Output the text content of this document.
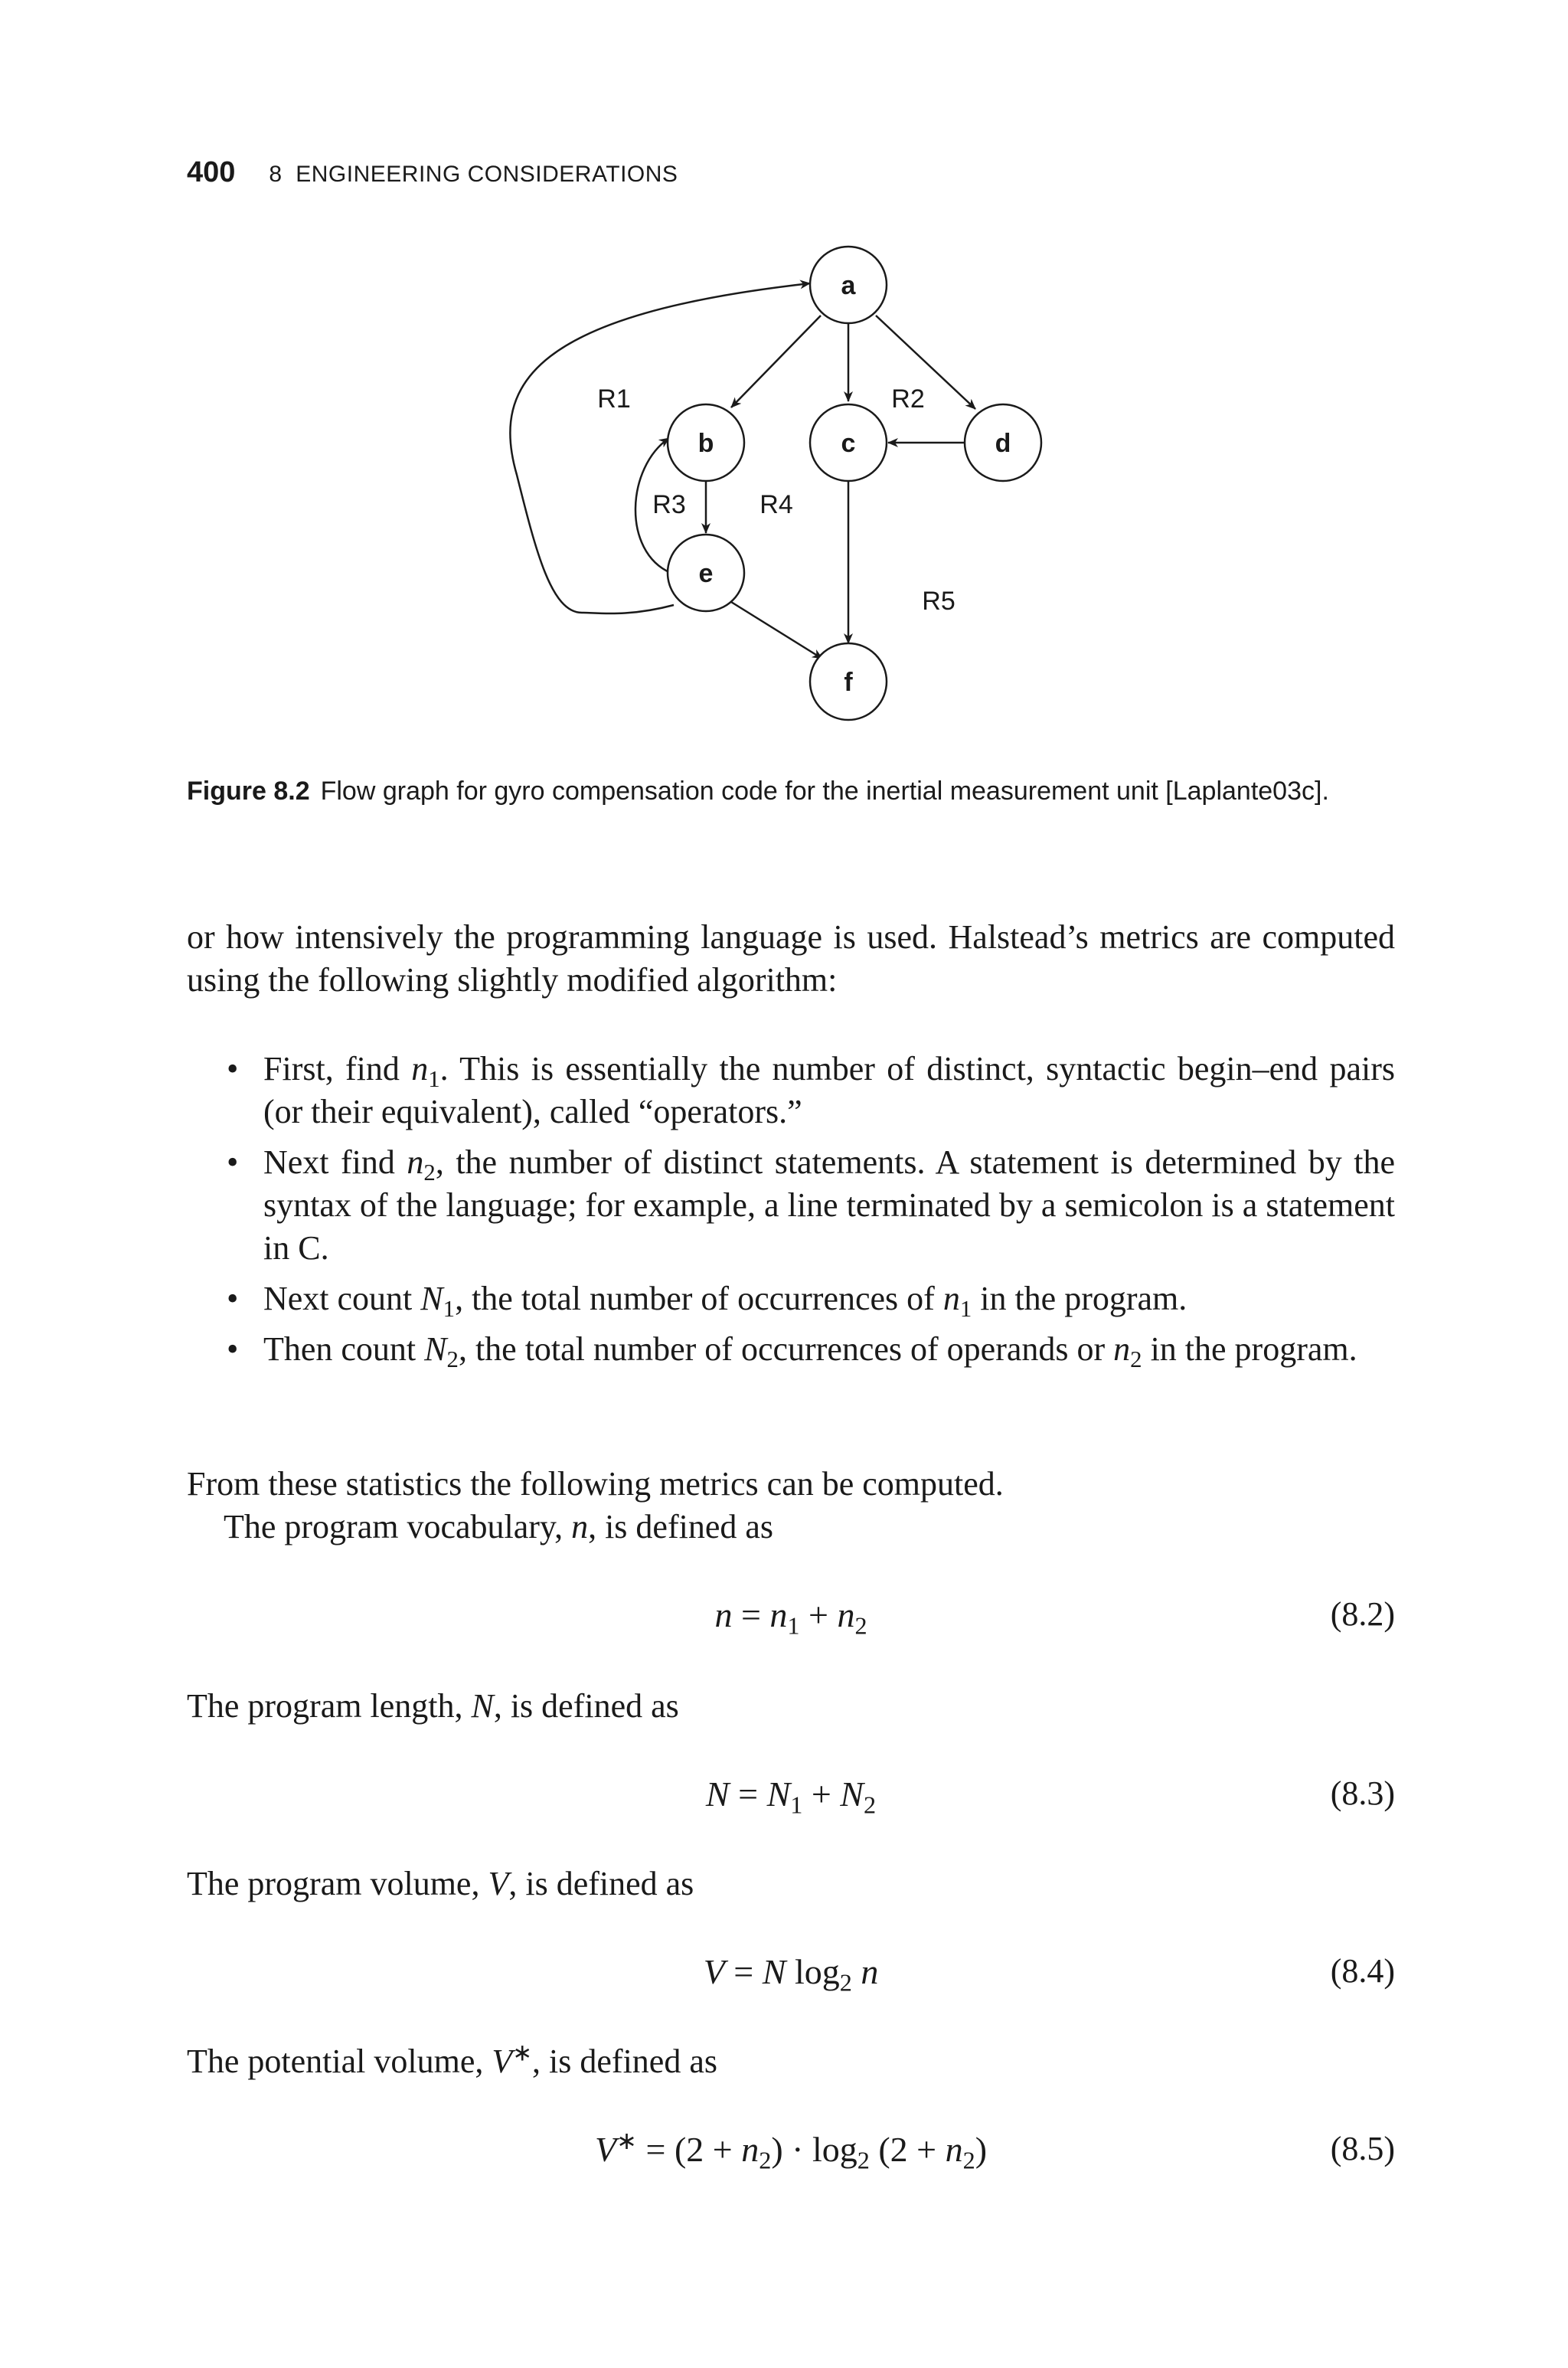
400 8  ENGINEERING CONSIDERATIONS
a
b	c	d
e
f
R1	R2
R3	R4
R5
Figure 8.2 Flow graph for gyro compensation code for the inertial measurement unit [Laplante03c].
or how intensively the programming language is used. Halstead’s metrics are computed using the following slightly modified algorithm:
• First, find $n_1$. This is essentially the number of distinct, syntactic begin–end pairs (or their equivalent), called “operators.”
• Next find $n_2$, the number of distinct statements. A statement is determined by the syntax of the language; for example, a line terminated by a semicolon is a statement in C.
• Next count $N_1$, the total number of occurrences of $n_1$ in the program.
• Then count $N_2$, the total number of occurrences of operands or $n_2$ in the program.
From these statistics the following metrics can be computed.
The program vocabulary, n, is defined as
$n = n_1 + n_2$	(8.2)
The program length, N, is defined as
$N = N_1 + N_2$	(8.3)
The program volume, V, is defined as
V = N $\log_2 n$	(8.4)
The potential volume, V∗, is defined as
$V^∗ = (2 + n_2) \cdot \log_2 (2 + n_2)$	(8.5)
